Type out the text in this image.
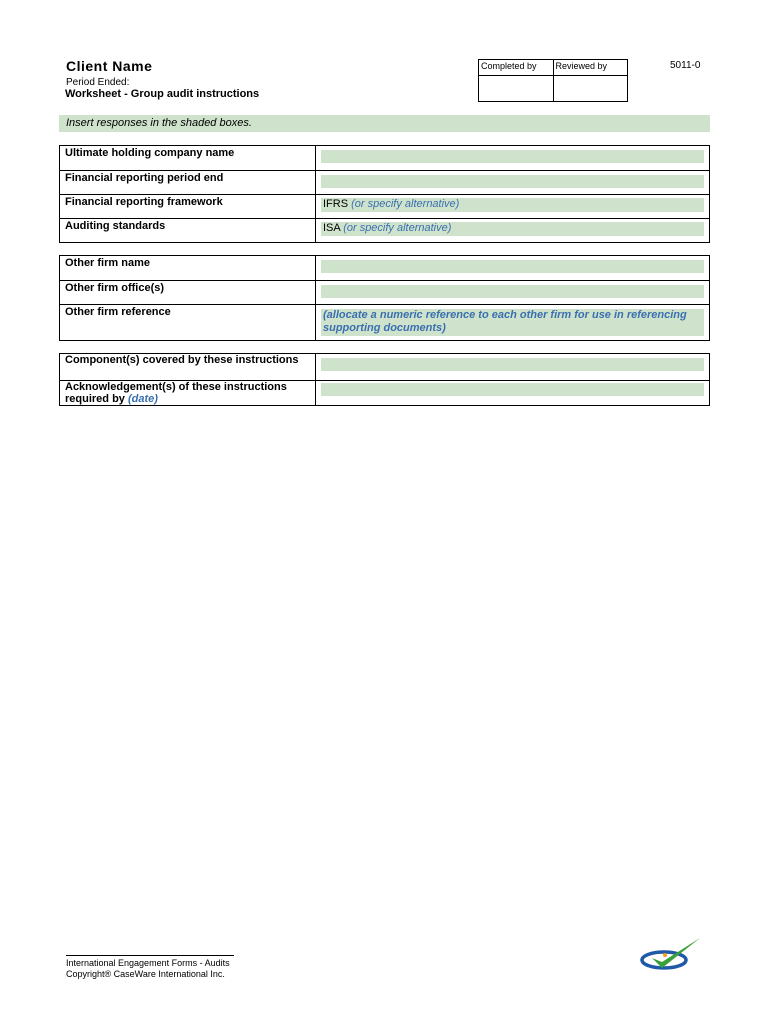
Client Name
Period Ended:
Worksheet - Group audit instructions
Completed by	Reviewed by	5011-0
Insert responses in the shaded boxes.
Ultimate holding company name
Financial reporting period end
Financial reporting framework	IFRS (or specify alternative)
Auditing standards	ISA (or specify alternative)
Other firm name
Other firm office(s)
Other firm reference	(allocate a numeric reference to each other firm for use in referencing supporting documents)
Component(s) covered by these instructions
Acknowledgement(s) of these instructions required by (date)
International Engagement Forms - Audits
Copyright® CaseWare International Inc.
